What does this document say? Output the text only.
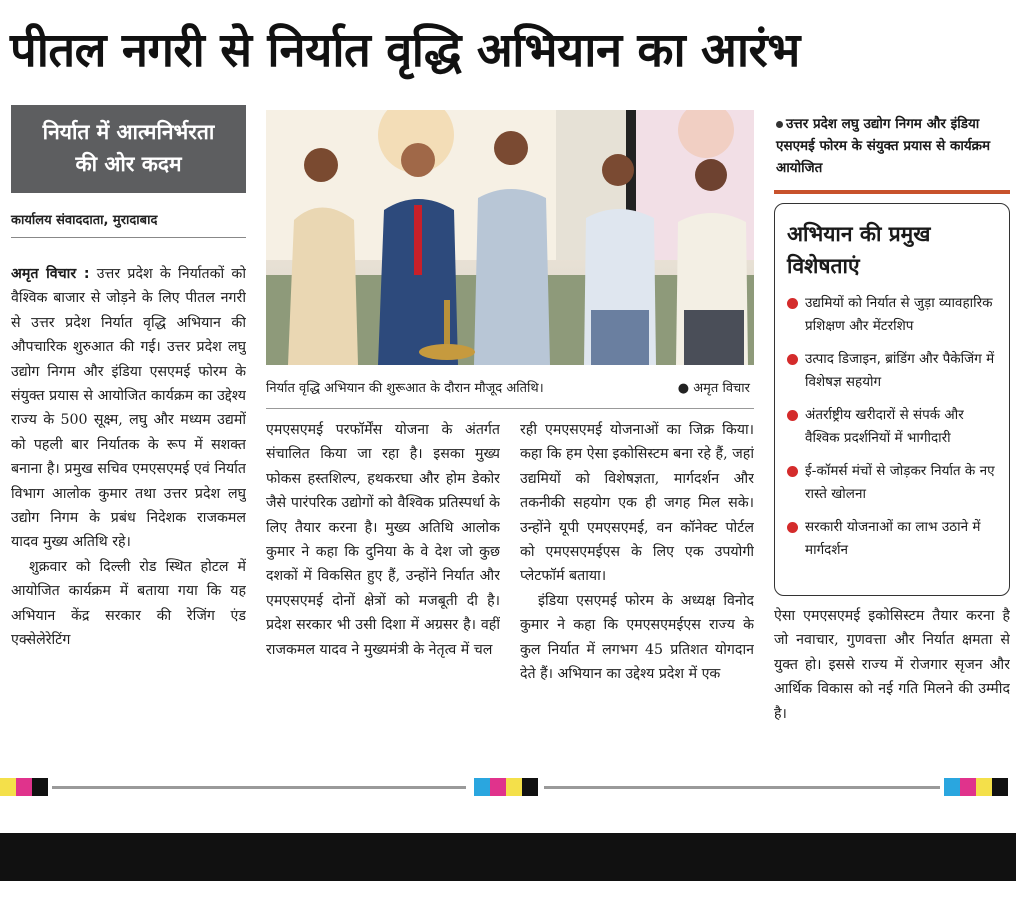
पीतल नगरी से निर्यात वृद्धि अभियान का आरंभ
निर्यात में आत्मनिर्भरता
की ओर कदम
कार्यालय संवाददाता, मुरादाबाद

अमृत विचार : उत्तर प्रदेश के निर्यातकों को वैश्विक बाजार से जोड़ने के लिए पीतल नगरी से उत्तर प्रदेश निर्यात वृद्धि अभियान की औपचारिक शुरुआत की गई। उत्तर प्रदेश लघु उद्योग निगम और इंडिया एसएमई फोरम के संयुक्त प्रयास से आयोजित कार्यक्रम का उद्देश्य राज्य के 500 सूक्ष्म, लघु और मध्यम उद्यमों को पहली बार निर्यातक के रूप में सशक्त बनाना है। प्रमुख सचिव एमएसएमई एवं निर्यात विभाग आलोक कुमार तथा उत्तर प्रदेश लघु उद्योग निगम के प्रबंध निदेशक राजकमल यादव मुख्य अतिथि रहे।

शुक्रवार को दिल्ली रोड स्थित होटल में आयोजित कार्यक्रम में बताया गया कि यह अभियान केंद्र सरकार की रेजिंग एंड एक्सेलेरेटिंग

निर्यात वृद्धि अभियान की शुरूआत के दौरान मौजूद अतिथि।	● अमृत विचार

एमएसएमई परफॉर्मेंस योजना के अंतर्गत संचालित किया जा रहा है। इसका मुख्य फोकस हस्तशिल्प, हथकरघा और होम डेकोर जैसे पारंपरिक उद्योगों को वैश्विक प्रतिस्पर्धा के लिए तैयार करना है। मुख्य अतिथि आलोक कुमार ने कहा कि दुनिया के वे देश जो कुछ दशकों में विकसित हुए हैं, उन्होंने निर्यात और एमएसएमई दोनों क्षेत्रों को मजबूती दी है। प्रदेश सरकार भी उसी दिशा में अग्रसर है। वहीं राजकमल यादव ने मुख्यमंत्री के नेतृत्व में चल

रही एमएसएमई योजनाओं का जिक्र किया। कहा कि हम ऐसा इकोसिस्टम बना रहे हैं, जहां उद्यमियों को विशेषज्ञता, मार्गदर्शन और तकनीकी सहयोग एक ही जगह मिल सके। उन्होंने यूपी एमएसएमई, वन कॉनेक्ट पोर्टल को एमएसएमईएस के लिए एक उपयोगी प्लेटफॉर्म बताया।

इंडिया एसएमई फोरम के अध्यक्ष विनोद कुमार ने कहा कि एमएसएमईएस राज्य के कुल निर्यात में लगभग 45 प्रतिशत योगदान देते हैं। अभियान का उद्देश्य प्रदेश में एक

उत्तर प्रदेश लघु उद्योग निगम और इंडिया एसएमई फोरम के संयुक्त प्रयास से कार्यक्रम आयोजित
अभियान की प्रमुख विशेषताएं
उद्यमियों को निर्यात से जुड़ा व्यावहारिक प्रशिक्षण और मेंटरशिप
उत्पाद डिजाइन, ब्रांडिंग और पैकेजिंग में विशेषज्ञ सहयोग
अंतर्राष्ट्रीय खरीदारों से संपर्क और वैश्विक प्रदर्शनियों में भागीदारी
ई-कॉमर्स मंचों से जोड़कर निर्यात के नए रास्ते खोलना
सरकारी योजनाओं का लाभ उठाने में मार्गदर्शन

ऐसा एमएसएमई इकोसिस्टम तैयार करना है जो नवाचार, गुणवत्ता और निर्यात क्षमता से युक्त हो। इससे राज्य में रोजगार सृजन और आर्थिक विकास को नई गति मिलने की उम्मीद है।
